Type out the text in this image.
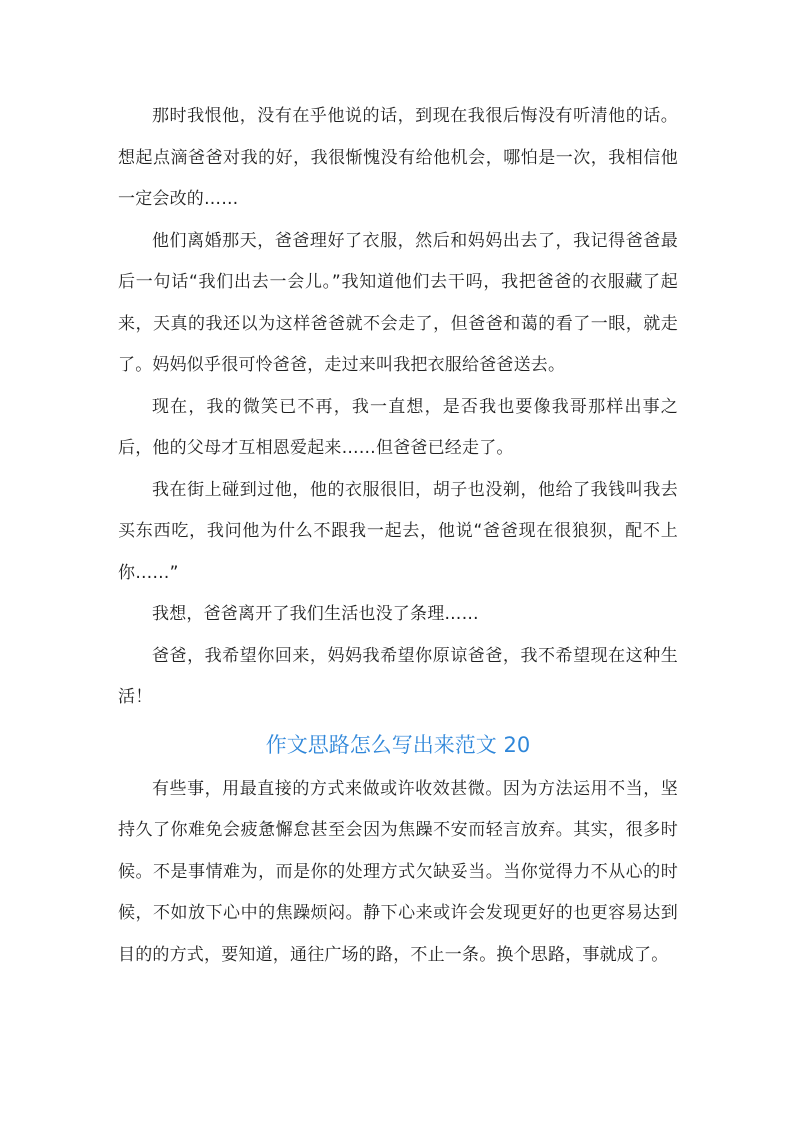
那时我恨他，没有在乎他说的话，到现在我很后悔没有听清他的话。想起点滴爸爸对我的好，我很惭愧没有给他机会，哪怕是一次，我相信他一定会改的……

他们离婚那天，爸爸理好了衣服，然后和妈妈出去了，我记得爸爸最后一句话“我们出去一会儿。”我知道他们去干吗，我把爸爸的衣服藏了起来，天真的我还以为这样爸爸就不会走了，但爸爸和蔼的看了一眼，就走了。妈妈似乎很可怜爸爸，走过来叫我把衣服给爸爸送去。

现在，我的微笑已不再，我一直想，是否我也要像我哥那样出事之后，他的父母才互相恩爱起来……但爸爸已经走了。

我在街上碰到过他，他的衣服很旧，胡子也没剃，他给了我钱叫我去买东西吃，我问他为什么不跟我一起去，他说“爸爸现在很狼狈，配不上你……”

我想，爸爸离开了我们生活也没了条理……

爸爸，我希望你回来，妈妈我希望你原谅爸爸，我不希望现在这种生活！

作文思路怎么写出来范文 20

有些事，用最直接的方式来做或许收效甚微。因为方法运用不当，坚持久了你难免会疲惫懈怠甚至会因为焦躁不安而轻言放弃。其实，很多时候。不是事情难为，而是你的处理方式欠缺妥当。当你觉得力不从心的时候，不如放下心中的焦躁烦闷。静下心来或许会发现更好的也更容易达到目的的方式，要知道，通往广场的路，不止一条。换个思路，事就成了。
